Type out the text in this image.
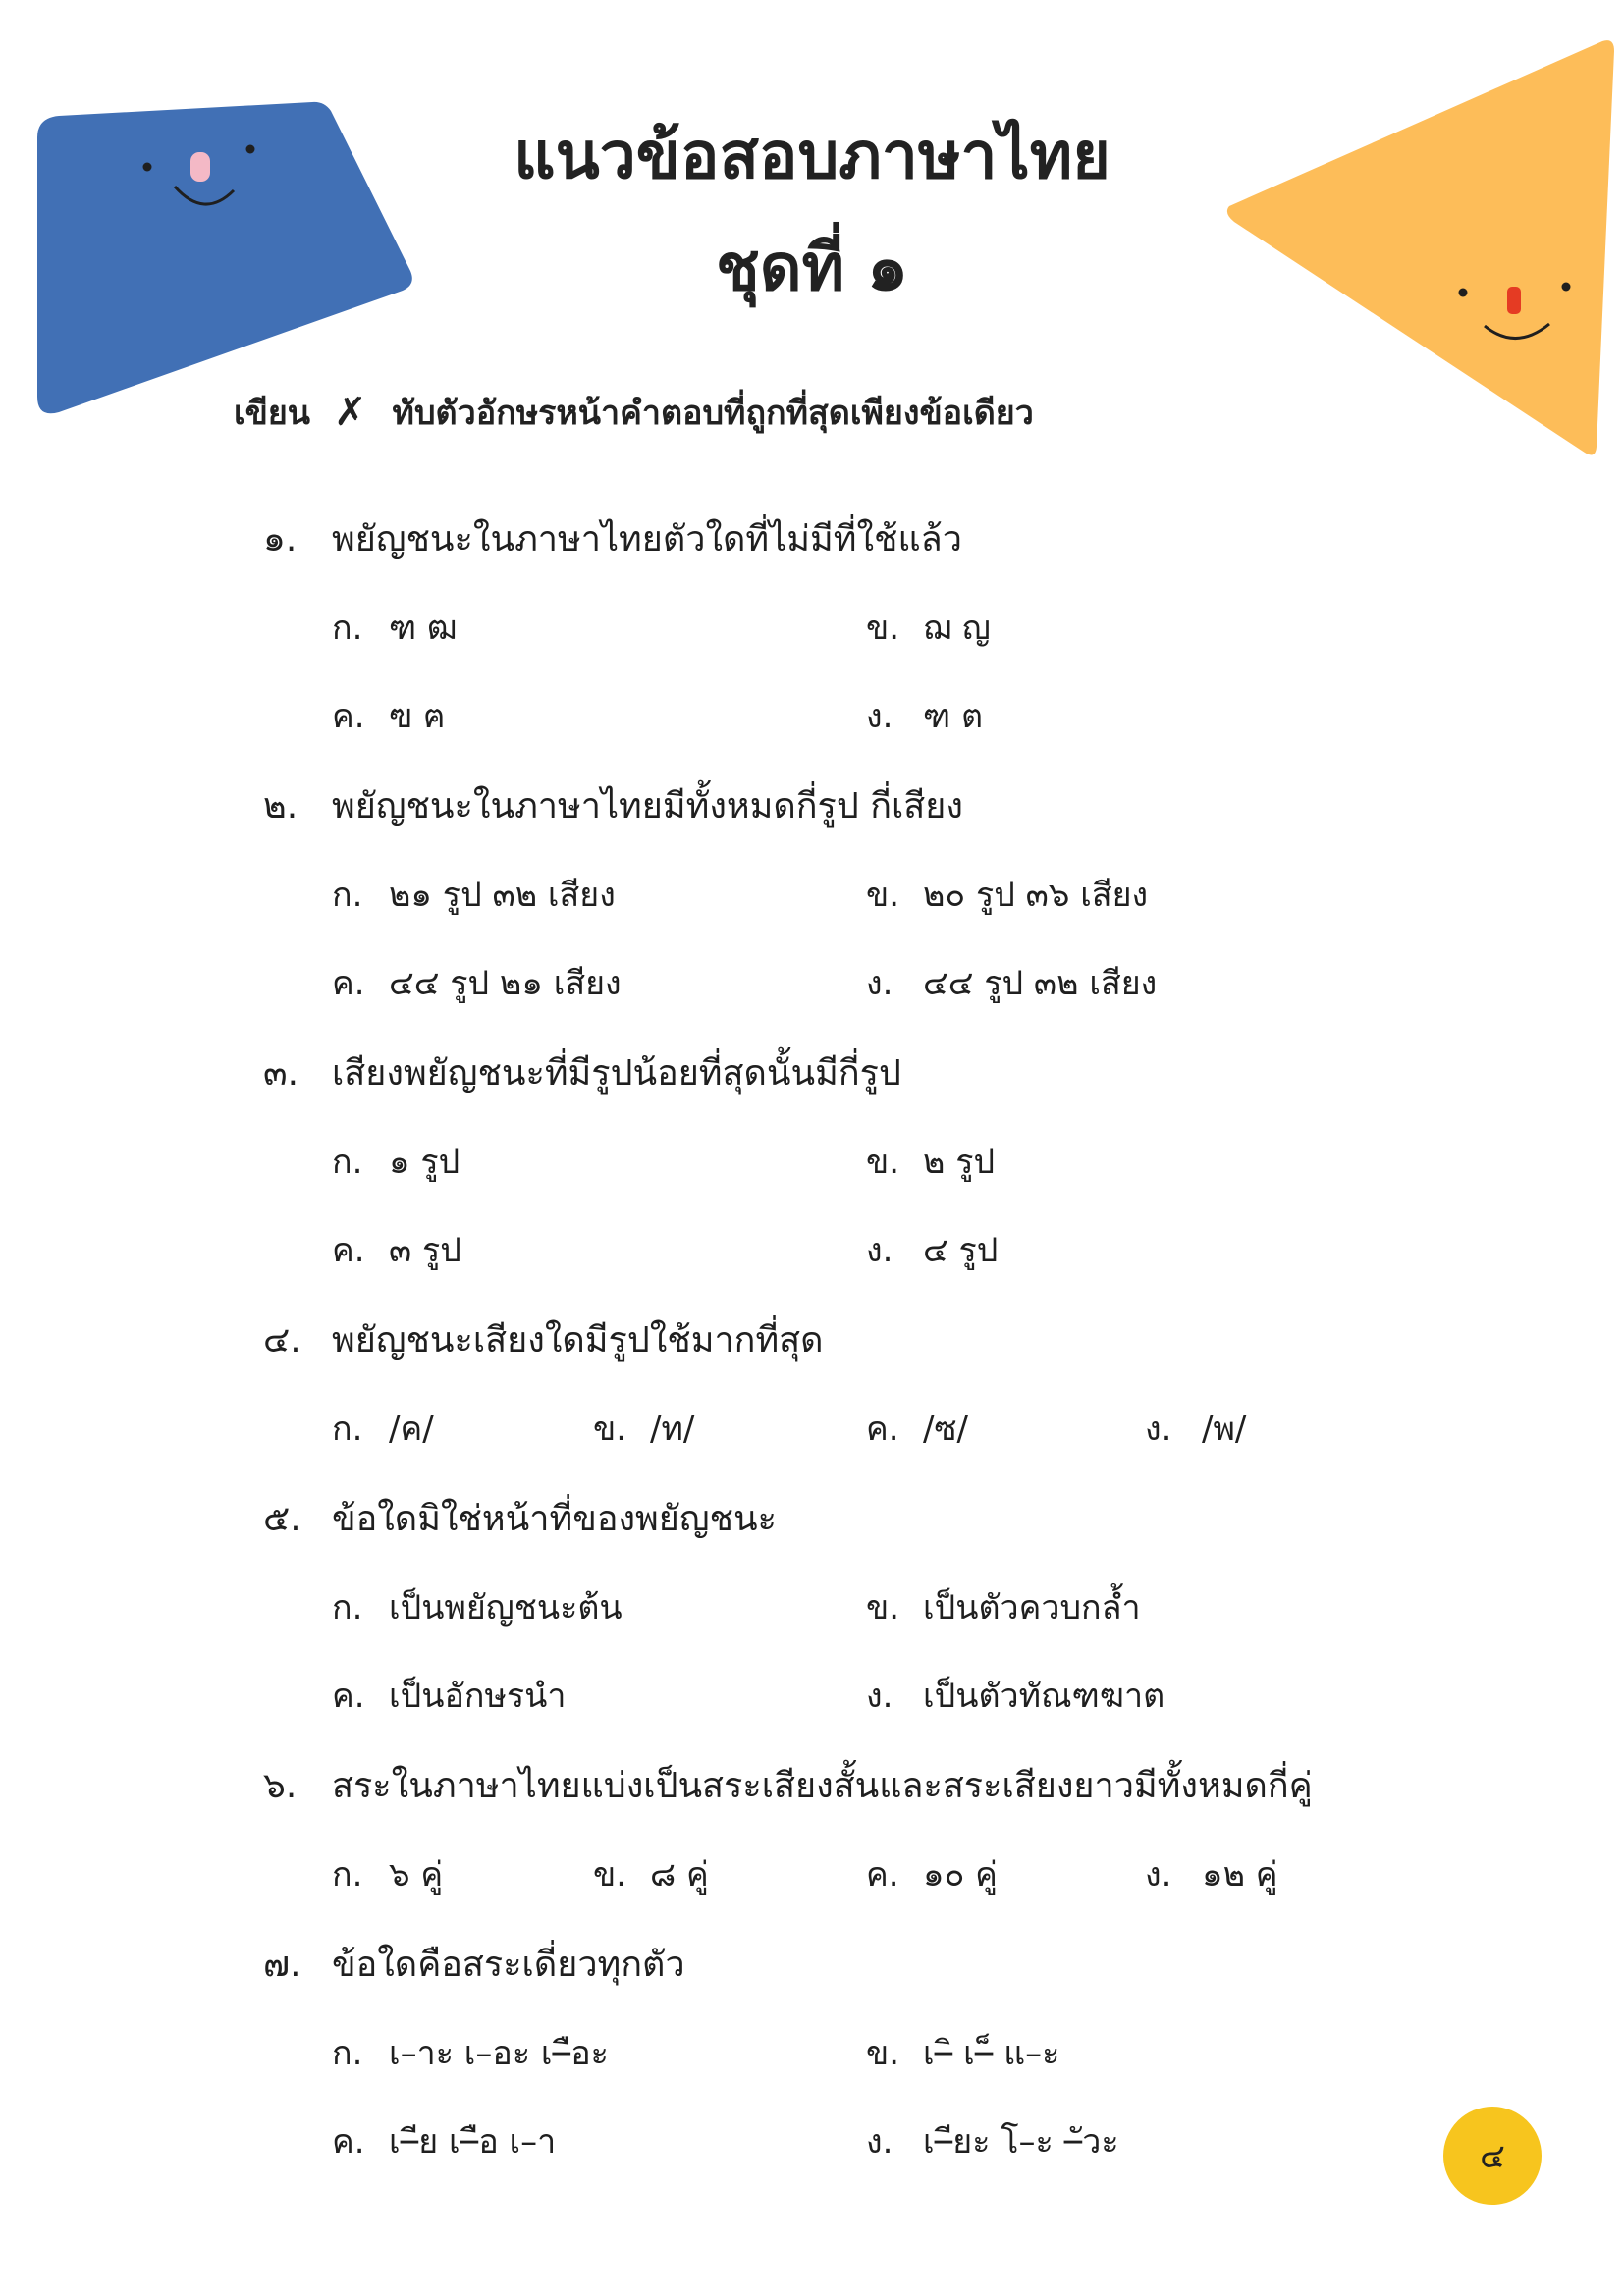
แนวข้อสอบภาษาไทย
ชุดที่ ๑
เขียน ✗ ทับตัวอักษรหน้าคำตอบที่ถูกที่สุดเพียงข้อเดียว
๑. พยัญชนะในภาษาไทยตัวใดที่ไม่มีที่ใช้แล้ว
ก. ฑ ฒ	ข. ฌ ญ
ค. ฃ ฅ	ง. ฑ ต
๒. พยัญชนะในภาษาไทยมีทั้งหมดกี่รูป กี่เสียง
ก. ๒๑ รูป ๓๒ เสียง	ข. ๒๐ รูป ๓๖ เสียง
ค. ๔๔ รูป ๒๑ เสียง	ง. ๔๔ รูป ๓๒ เสียง
๓. เสียงพยัญชนะที่มีรูปน้อยที่สุดนั้นมีกี่รูป
ก. ๑ รูป	ข. ๒ รูป
ค. ๓ รูป	ง. ๔ รูป
๔. พยัญชนะเสียงใดมีรูปใช้มากที่สุด
ก. /ค/	ข. /ท/	ค. /ซ/	ง. /พ/
๕. ข้อใดมิใช่หน้าที่ของพยัญชนะ
ก. เป็นพยัญชนะต้น	ข. เป็นตัวควบกล้ำ
ค. เป็นอักษรนำ	ง. เป็นตัวทัณฑฆาต
๖. สระในภาษาไทยแบ่งเป็นสระเสียงสั้นและสระเสียงยาวมีทั้งหมดกี่คู่
ก. ๖ คู่	ข. ๘ คู่	ค. ๑๐ คู่	ง. ๑๒ คู่
๗. ข้อใดคือสระเดี่ยวทุกตัว
ก. เ–าะ เ–อะ เ–ือะ	ข. เ–ิ เ–็ แ–ะ
ค. เ–ีย เ–ือ เ–า	ง. เ–ียะ โ–ะ –ัวะ	๔
